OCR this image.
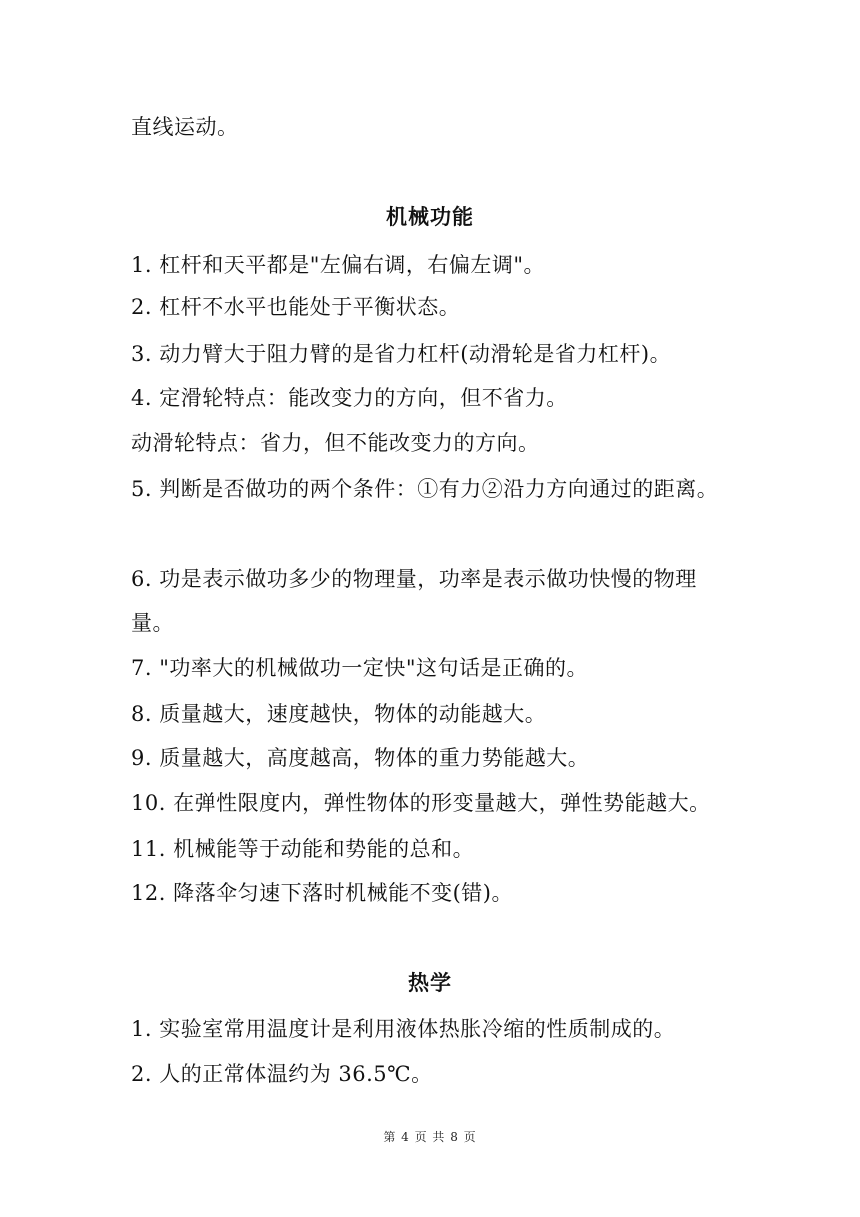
直线运动。
机械功能
1. 杠杆和天平都是"左偏右调，右偏左调"。
2. 杠杆不水平也能处于平衡状态。
3. 动力臂大于阻力臂的是省力杠杆(动滑轮是省力杠杆)。
4. 定滑轮特点：能改变力的方向，但不省力。
动滑轮特点：省力，但不能改变力的方向。
5. 判断是否做功的两个条件：①有力②沿力方向通过的距离。
6. 功是表示做功多少的物理量，功率是表示做功快慢的物理
量。
7. "功率大的机械做功一定快"这句话是正确的。
8. 质量越大，速度越快，物体的动能越大。
9. 质量越大，高度越高，物体的重力势能越大。
10. 在弹性限度内，弹性物体的形变量越大，弹性势能越大。
11. 机械能等于动能和势能的总和。
12. 降落伞匀速下落时机械能不变(错)。
热学
1. 实验室常用温度计是利用液体热胀冷缩的性质制成的。
2. 人的正常体温约为 36.5℃。
第 4 页 共 8 页
